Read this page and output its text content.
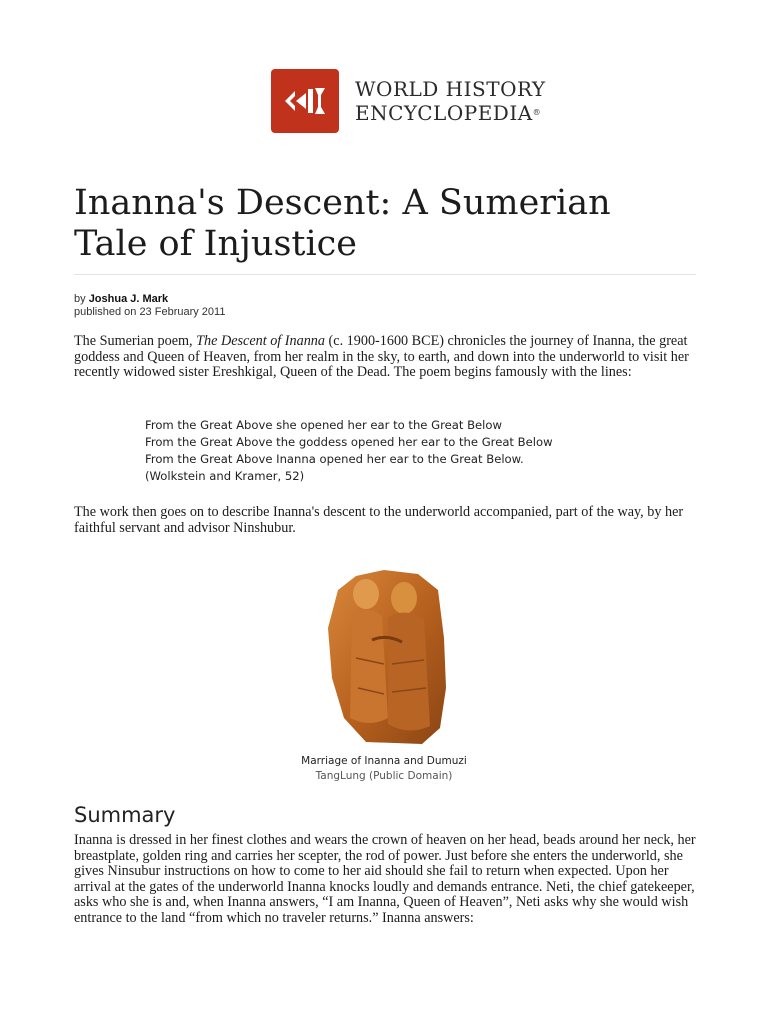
WORLD HISTORY
ENCYCLOPEDIA®
Inanna's Descent: A Sumerian Tale of Injustice
by Joshua J. Mark
published on 23 February 2011

The Sumerian poem, The Descent of Inanna (c. 1900-1600 BCE) chronicles the journey of Inanna, the great goddess and Queen of Heaven, from her realm in the sky, to earth, and down into the underworld to visit her recently widowed sister Ereshkigal, Queen of the Dead. The poem begins famously with the lines:

From the Great Above she opened her ear to the Great Below
From the Great Above the goddess opened her ear to the Great Below
From the Great Above Inanna opened her ear to the Great Below.
(Wolkstein and Kramer, 52)

The work then goes on to describe Inanna's descent to the underworld accompanied, part of the way, by her faithful servant and advisor Ninshubur.

Marriage of Inanna and Dumuzi
TangLung (Public Domain)
Summary

Inanna is dressed in her finest clothes and wears the crown of heaven on her head, beads around her neck, her breastplate, golden ring and carries her scepter, the rod of power. Just before she enters the underworld, she gives Ninsubur instructions on how to come to her aid should she fail to return when expected. Upon her arrival at the gates of the underworld Inanna knocks loudly and demands entrance. Neti, the chief gatekeeper, asks who she is and, when Inanna answers, “I am Inanna, Queen of Heaven”, Neti asks why she would wish entrance to the land “from which no traveler returns.” Inanna answers:
